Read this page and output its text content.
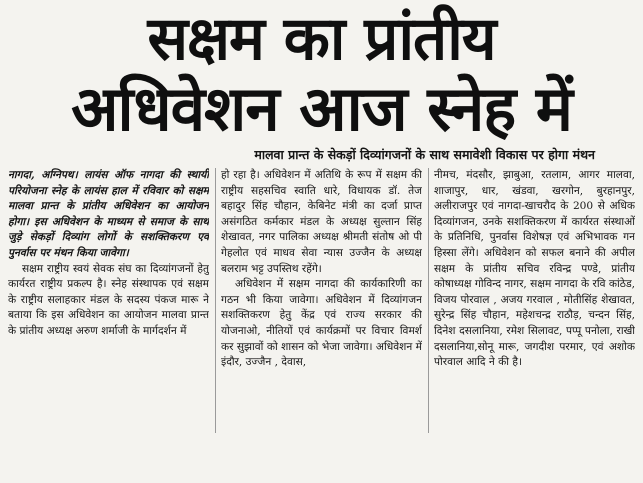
सक्षम का प्रांतीय
अधिवेशन आज स्नेह में
मालवा प्रान्त के सेकड़ों दिव्यांगजनों के साथ समावेशी विकास पर होगा मंथन

नागदा, अग्निपथ। लायंस ऑफ नागदा की स्थायी परियोजना स्नेह के लायंस हाल में रविवार को सक्षम मालवा प्रान्त के प्रांतीय अधिवेशन का आयोजन होगा। इस अधिवेशन के माध्यम से समाज के साथ जुड़े सेकड़ों दिव्यांग लोगों के सशक्तिकरण एवं पुनर्वास पर मंथन किया जावेगा।

सक्षम राष्ट्रीय स्वयं सेवक संघ का दिव्यांगजनों हेतु कार्यरत राष्ट्रीय प्रकल्प है। स्नेह संस्थापक एवं सक्षम के राष्ट्रीय सलाहकार मंडल के सदस्य पंकज मारू ने बताया कि इस अधिवेशन का आयोजन मालवा प्रान्त के प्रांतीय अध्यक्ष अरुण शर्माजी के मार्गदर्शन में

हो रहा है। अधिवेशन में अतिथि के रूप में सक्षम की राष्ट्रीय सहसचिव स्वाति धारे, विधायक डॉ. तेज बहादुर सिंह चौहान, केबिनेट मंत्री का दर्जा प्राप्त असंगठित कर्मकार मंडल के अध्यक्ष सुल्तान सिंह शेखावत, नगर पालिका अध्यक्ष श्रीमती संतोष ओ पी गेहलोत एवं माधव सेवा न्यास उज्जैन के अध्यक्ष बलराम भट्ट उपस्तिथ रहेंगे।

अधिवेशन में सक्षम नागदा की कार्यकारिणी का गठन भी किया जावेगा। अधिवेशन में दिव्यांगजन सशक्तिकरण हेतु केंद्र एवं राज्य सरकार की योजनाओ, नीतियों एवं कार्यक्रमों पर विचार विमर्श कर सुझावों को शासन को भेजा जावेगा। अधिवेशन में इंदौर, उज्जैन , देवास,

नीमच, मंदसौर, झाबुआ, रतलाम, आगर मालवा, शाजापुर, धार, खंडवा, खरगोन, बुरहानपुर, अलीराजपुर एवं नागदा-खाचरौद के 200 से अधिक दिव्यांगजन, उनके सशक्तिकरण में कार्यरत संस्थाओं के प्रतिनिधि, पुनर्वास विशेषज्ञ एवं अभिभावक गन हिस्सा लेंगे। अधिवेशन को सफल बनाने की अपील सक्षम के प्रांतीय सचिव रविन्द्र पण्डे, प्रांतीय कोषाध्यक्ष गोविन्द नागर, सक्षम नागदा के रवि कांठेड, विजय पोरवाल , अजय गरवाल , मोतीसिंह शेखावत, सुरेन्द्र सिंह चौहान, महेशचन्द्र राठौड़, चन्दन सिंह, दिनेश दसलानिया, रमेश सिलावट, पप्पू पनोला, राखी दसलानिया,सोनू मारू, जगदीश परमार, एवं अशोक पोरवाल आदि ने की है।
